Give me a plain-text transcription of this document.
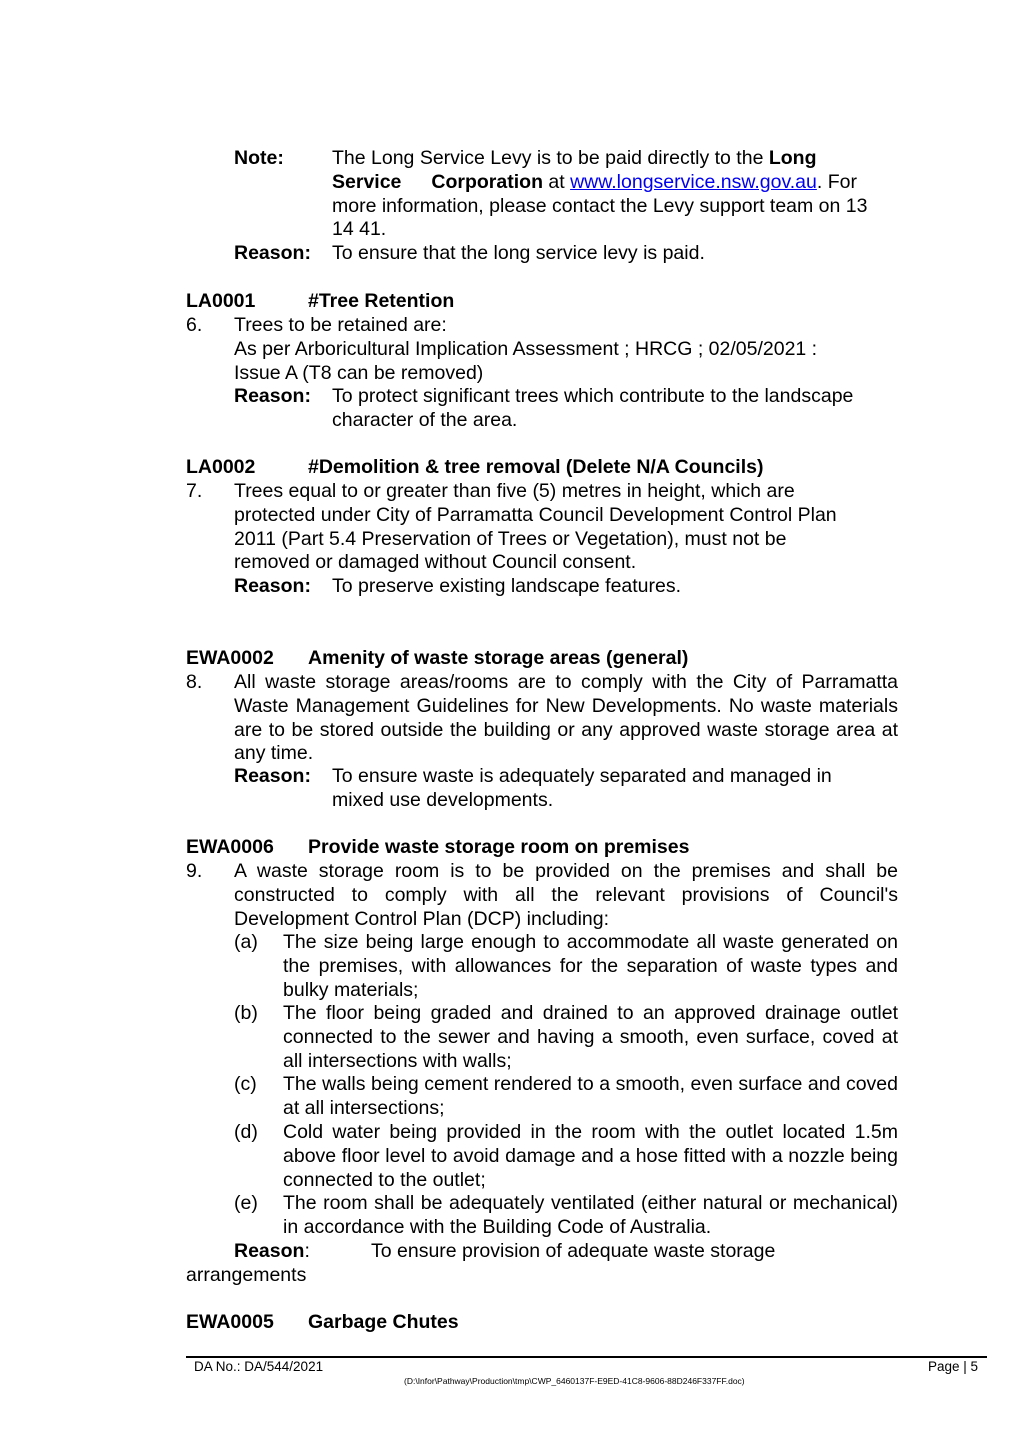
Note: The Long Service Levy is to be paid directly to the Long
Service Corporation at www.longservice.nsw.gov.au. For
more information, please contact the Levy support team on 13
14 41.
Reason: To ensure that the long service levy is paid.
LA0001	#Tree Retention
6. Trees to be retained are:
As per Arboricultural Implication Assessment ; HRCG ; 02/05/2021 :
Issue A (T8 can be removed)
Reason: To protect significant trees which contribute to the landscape
character of the area.
LA0002	#Demolition & tree removal (Delete N/A Councils)
7. Trees equal to or greater than five (5) metres in height, which are
protected under City of Parramatta Council Development Control Plan
2011 (Part 5.4 Preservation of Trees or Vegetation), must not be
removed or damaged without Council consent.
Reason: To preserve existing landscape features.
EWA0002 Amenity of waste storage areas (general)
8. All waste storage areas/rooms are to comply with the City of Parramatta Waste Management Guidelines for New Developments. No waste materials are to be stored outside the building or any approved waste storage area at any time.
Reason: To ensure waste is adequately separated and managed in
mixed use developments.
EWA0006 Provide waste storage room on premises
9. A waste storage room is to be provided on the premises and shall be constructed to comply with all the relevant provisions of Council's Development Control Plan (DCP) including:
(a) The size being large enough to accommodate all waste generated on the premises, with allowances for the separation of waste types and bulky materials;
(b) The floor being graded and drained to an approved drainage outlet connected to the sewer and having a smooth, even surface, coved at all intersections with walls;
(c) The walls being cement rendered to a smooth, even surface and coved at all intersections;
(d) Cold water being provided in the room with the outlet located 1.5m above floor level to avoid damage and a hose fitted with a nozzle being connected to the outlet;
(e) The room shall be adequately ventilated (either natural or mechanical) in accordance with the Building Code of Australia.
Reason:	To ensure provision of adequate waste storage
arrangements
EWA0005 Garbage Chutes
DA No.: DA/544/2021	Page | 5
(D:\Infor\Pathway\Production\tmp\CWP_6460137F-E9ED-41C8-9606-88D246F337FF.doc)
